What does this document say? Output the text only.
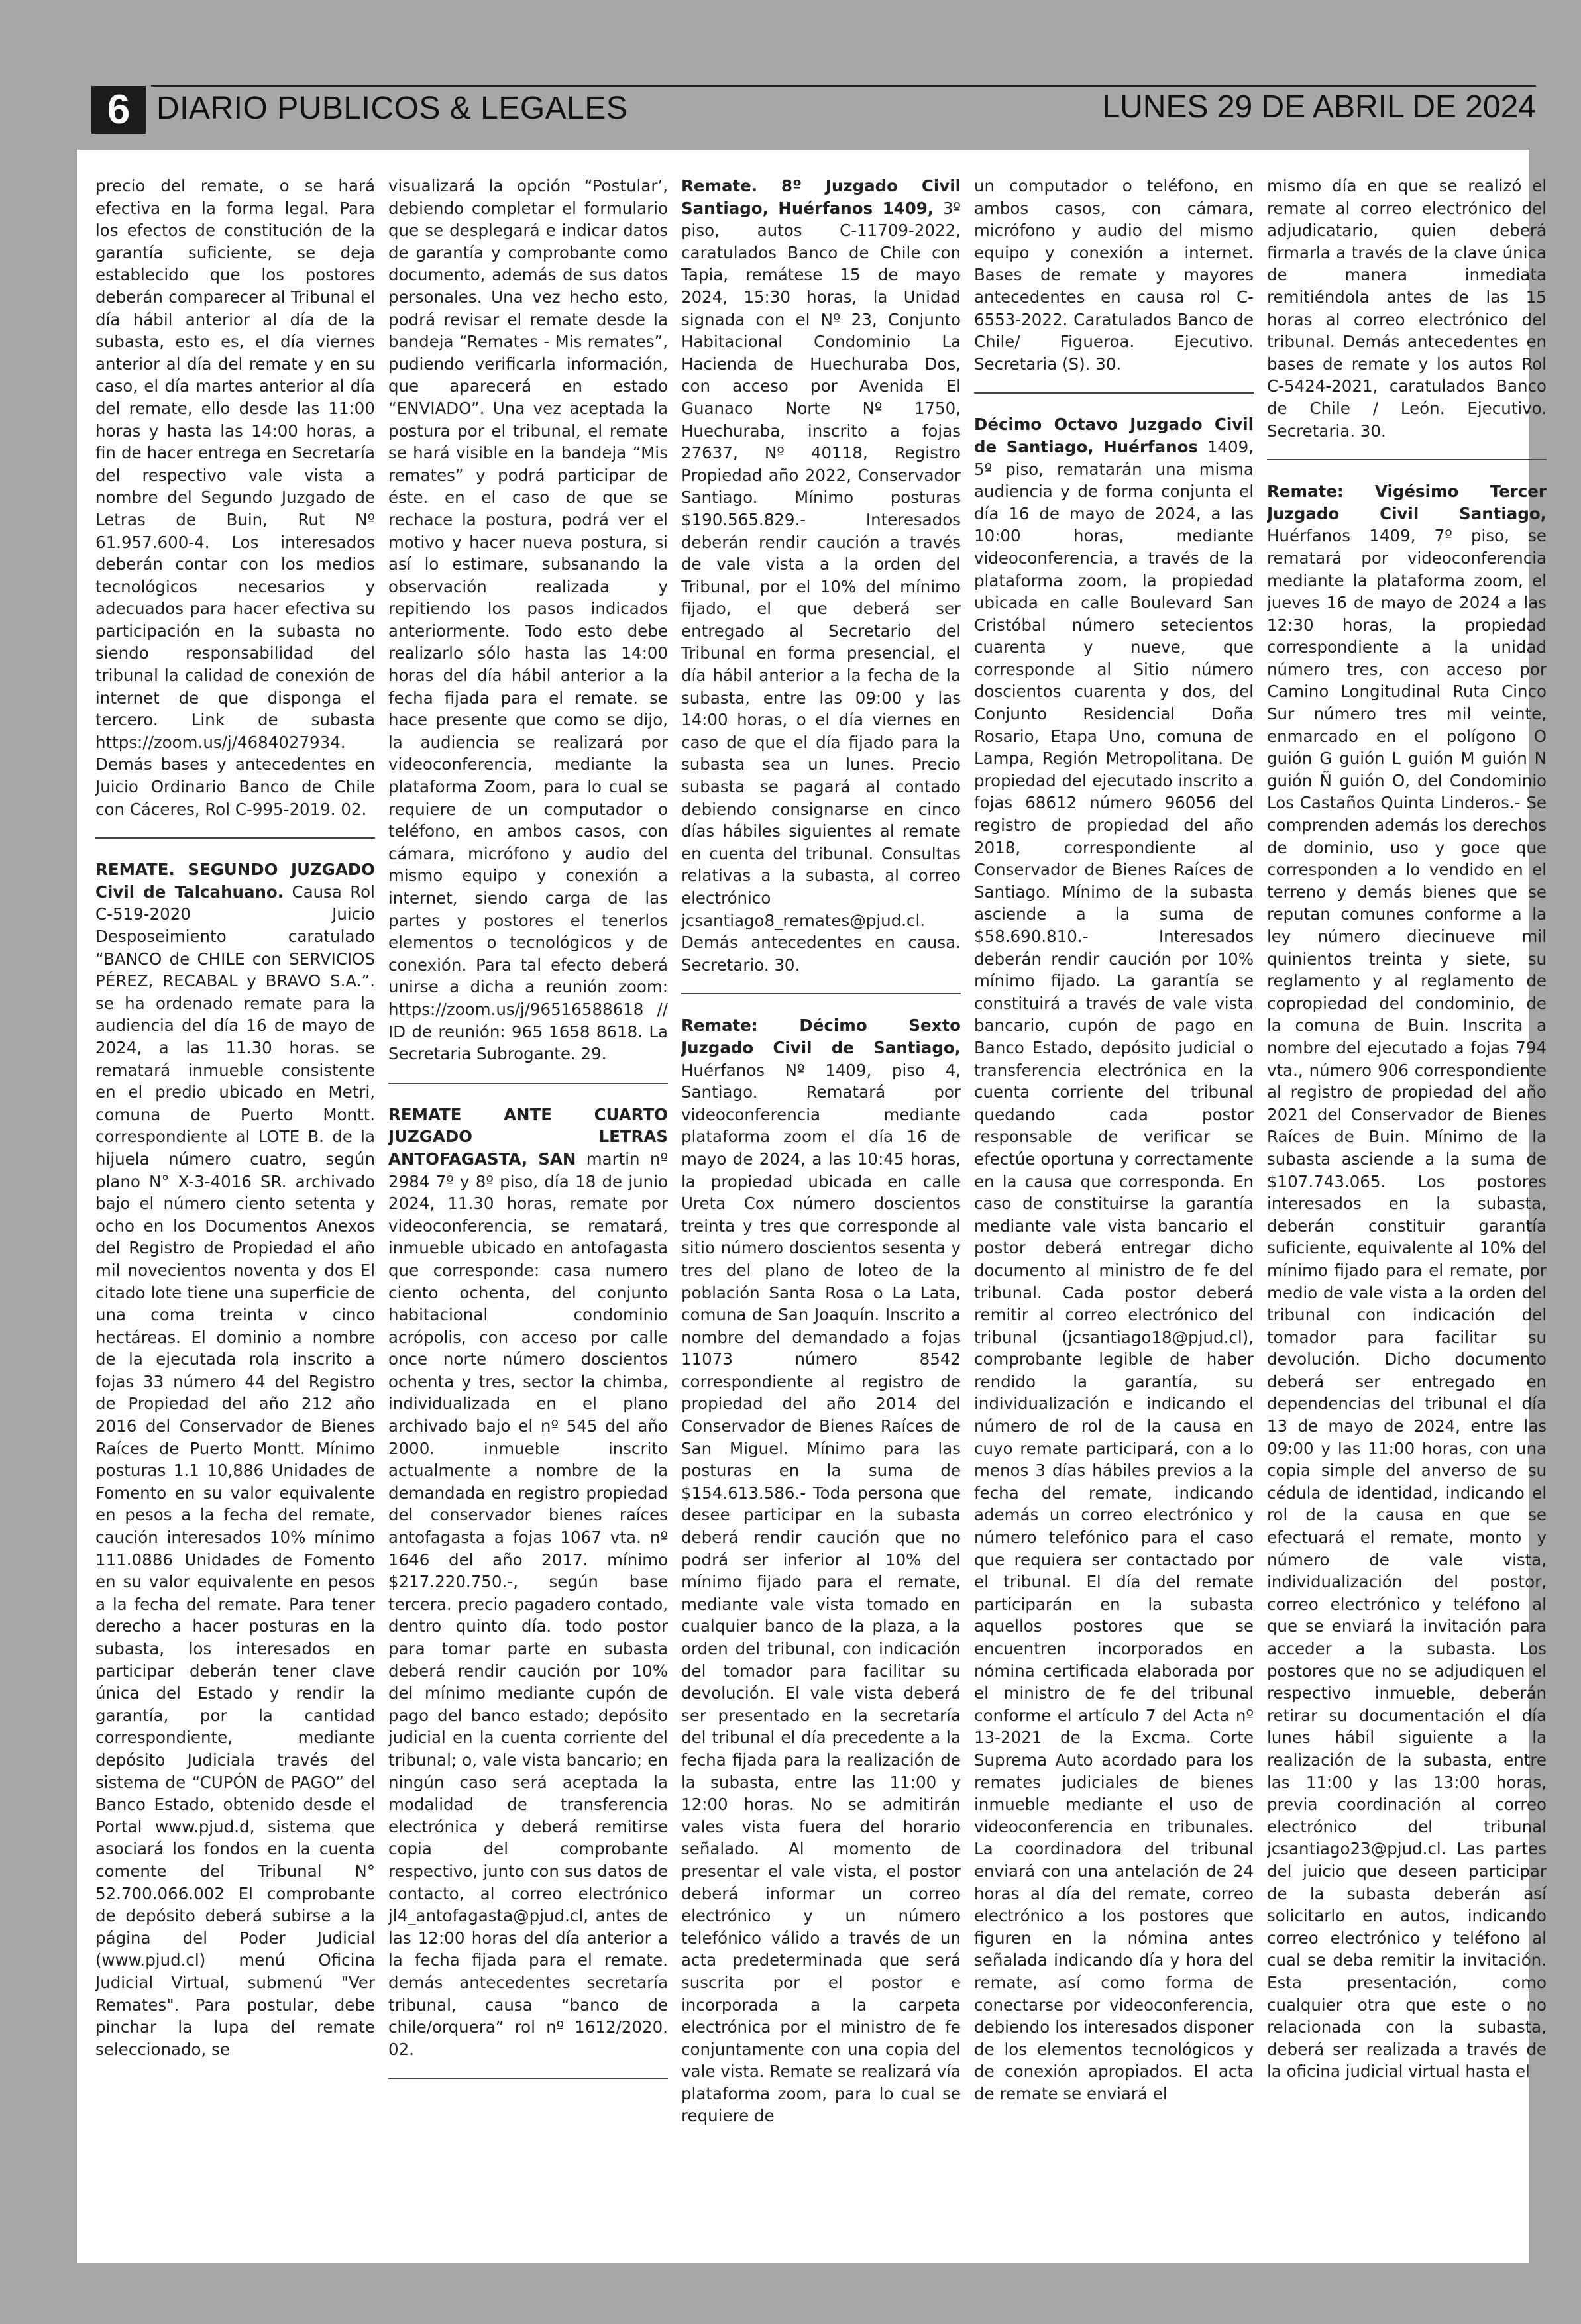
6 DIARIO PUBLICOS & LEGALES	LUNES 29 DE ABRIL DE 2024

precio del remate, o se hará efectiva en la forma legal. Para los efectos de constitución de la garantía suficiente, se deja establecido que los postores deberán comparecer al Tribunal el día hábil anterior al día de la subasta, esto es, el día viernes anterior al día del remate y en su caso, el día martes anterior al día del remate, ello desde las 11:00 horas y hasta las 14:00 horas, a fin de hacer entrega en Secretaría del respectivo vale vista a nombre del Segundo Juzgado de Letras de Buin, Rut Nº 61.957.600-4. Los interesados deberán contar con los medios tecnológicos necesarios y adecuados para hacer efectiva su participación en la subasta no siendo responsabilidad del tribunal la calidad de conexión de internet de que disponga el tercero. Link de subasta https://zoom.us/j/4684027934. Demás bases y antecedentes en Juicio Ordinario Banco de Chile con Cáceres, Rol C-995-2019. 02.

REMATE. SEGUNDO JUZGADO Civil de Talcahuano. Causa Rol C-519-2020 Juicio Desposeimiento caratulado “BANCO de CHILE con SERVICIOS PÉREZ, RECABAL y BRAVO S.A.”. se ha ordenado remate para la audiencia del día 16 de mayo de 2024, a las 11.30 horas. se rematará inmueble consistente en el predio ubicado en Metri, comuna de Puerto Montt. correspondiente al LOTE B. de la hijuela número cuatro, según plano N° X-3-4016 SR. archivado bajo el número ciento setenta y ocho en los Documentos Anexos del Registro de Propiedad el año mil novecientos noventa y dos El citado lote tiene una superficie de una coma treinta v cinco hectáreas. El dominio a nombre de la ejecutada rola inscrito a fojas 33 número 44 del Registro de Propiedad del año 212 año 2016 del Conservador de Bienes Raíces de Puerto Montt. Mínimo posturas 1.1 10,886 Unidades de Fomento en su valor equivalente en pesos a la fecha del remate, caución interesados 10% mínimo 111.0886 Unidades de Fomento en su valor equivalente en pesos a la fecha del remate. Para tener derecho a hacer posturas en la subasta, los interesados en participar deberán tener clave única del Estado y rendir la garantía, por la cantidad correspondiente, mediante depósito Judiciala través del sistema de “CUPÓN de PAGO” del Banco Estado, obtenido desde el Portal www.pjud.d, sistema que asociará los fondos en la cuenta comente del Tribunal N° 52.700.066.002 El comprobante de depósito deberá subirse a la página del Poder Judicial (www.pjud.cl) menú Oficina Judicial Virtual, submenú "Ver Remates". Para postular, debe pinchar la lupa del remate seleccionado, se

visualizará la opción “Postular’, debiendo completar el formulario que se desplegará e indicar datos de garantía y comprobante como documento, además de sus datos personales. Una vez hecho esto, podrá revisar el remate desde la bandeja “Remates - Mis remates”, pudiendo verificarla información, que aparecerá en estado “ENVIADO”. Una vez aceptada la postura por el tribunal, el remate se hará visible en la bandeja “Mis remates” y podrá participar de éste. en el caso de que se rechace la postura, podrá ver el motivo y hacer nueva postura, si así lo estimare, subsanando la observación realizada y repitiendo los pasos indicados anteriormente. Todo esto debe realizarlo sólo hasta las 14:00 horas del día hábil anterior a la fecha fijada para el remate. se hace presente que como se dijo, la audiencia se realizará por videoconferencia, mediante la plataforma Zoom, para lo cual se requiere de un computador o teléfono, en ambos casos, con cámara, micrófono y audio del mismo equipo y conexión a internet, siendo carga de las partes y postores el tenerlos elementos o tecnológicos y de conexión. Para tal efecto deberá unirse a dicha a reunión zoom: https://zoom.us/j/96516588618 // ID de reunión: 965 1658 8618. La Secretaria Subrogante. 29.

REMATE ANTE CUARTO JUZGADO LETRAS ANTOFAGASTA, SAN martin nº 2984 7º y 8º piso, día 18 de junio 2024, 11.30 horas, remate por videoconferencia, se rematará, inmueble ubicado en antofagasta que corresponde: casa numero ciento ochenta, del conjunto habitacional condominio acrópolis, con acceso por calle once norte número doscientos ochenta y tres, sector la chimba, individualizada en el plano archivado bajo el nº 545 del año 2000. inmueble inscrito actualmente a nombre de la demandada en registro propiedad del conservador bienes raíces antofagasta a fojas 1067 vta. nº 1646 del año 2017. mínimo $217.220.750.-, según base tercera. precio pagadero contado, dentro quinto día. todo postor para tomar parte en subasta deberá rendir caución por 10% del mínimo mediante cupón de pago del banco estado; depósito judicial en la cuenta corriente del tribunal; o, vale vista bancario; en ningún caso será aceptada la modalidad de transferencia electrónica y deberá remitirse copia del comprobante respectivo, junto con sus datos de contacto, al correo electrónico jl4_antofagasta@pjud.cl, antes de las 12:00 horas del día anterior a la fecha fijada para el remate. demás antecedentes secretaría tribunal, causa “banco de chile/orquera” rol nº 1612/2020. 02.

Remate. 8º Juzgado Civil Santiago, Huérfanos 1409, 3º piso, autos C-11709-2022, caratulados Banco de Chile con Tapia, remátese 15 de mayo 2024, 15:30 horas, la Unidad signada con el Nº 23, Conjunto Habitacional Condominio La Hacienda de Huechuraba Dos, con acceso por Avenida El Guanaco Norte Nº 1750, Huechuraba, inscrito a fojas 27637, Nº 40118, Registro Propiedad año 2022, Conservador Santiago. Mínimo posturas $190.565.829.- Interesados deberán rendir caución a través de vale vista a la orden del Tribunal, por el 10% del mínimo fijado, el que deberá ser entregado al Secretario del Tribunal en forma presencial, el día hábil anterior a la fecha de la subasta, entre las 09:00 y las 14:00 horas, o el día viernes en caso de que el día fijado para la subasta sea un lunes. Precio subasta se pagará al contado debiendo consignarse en cinco días hábiles siguientes al remate en cuenta del tribunal. Consultas relativas a la subasta, al correo electrónico jcsantiago8_remates@pjud.cl. Demás antecedentes en causa. Secretario. 30.

Remate: Décimo Sexto Juzgado Civil de Santiago, Huérfanos Nº 1409, piso 4, Santiago. Rematará por videoconferencia mediante plataforma zoom el día 16 de mayo de 2024, a las 10:45 horas, la propiedad ubicada en calle Ureta Cox número doscientos treinta y tres que corresponde al sitio número doscientos sesenta y tres del plano de loteo de la población Santa Rosa o La Lata, comuna de San Joaquín. Inscrito a nombre del demandado a fojas 11073 número 8542 correspondiente al registro de propiedad del año 2014 del Conservador de Bienes Raíces de San Miguel. Mínimo para las posturas en la suma de $154.613.586.- Toda persona que desee participar en la subasta deberá rendir caución que no podrá ser inferior al 10% del mínimo fijado para el remate, mediante vale vista tomado en cualquier banco de la plaza, a la orden del tribunal, con indicación del tomador para facilitar su devolución. El vale vista deberá ser presentado en la secretaría del tribunal el día precedente a la fecha fijada para la realización de la subasta, entre las 11:00 y 12:00 horas. No se admitirán vales vista fuera del horario señalado. Al momento de presentar el vale vista, el postor deberá informar un correo electrónico y un número telefónico válido a través de un acta predeterminada que será suscrita por el postor e incorporada a la carpeta electrónica por el ministro de fe conjuntamente con una copia del vale vista. Remate se realizará vía plataforma zoom, para lo cual se requiere de

un computador o teléfono, en ambos casos, con cámara, micrófono y audio del mismo equipo y conexión a internet. Bases de remate y mayores antecedentes en causa rol C-6553-2022. Caratulados Banco de Chile/ Figueroa. Ejecutivo. Secretaria (S). 30.

Décimo Octavo Juzgado Civil de Santiago, Huérfanos 1409, 5º piso, rematarán una misma audiencia y de forma conjunta el día 16 de mayo de 2024, a las 10:00 horas, mediante videoconferencia, a través de la plataforma zoom, la propiedad ubicada en calle Boulevard San Cristóbal número setecientos cuarenta y nueve, que corresponde al Sitio número doscientos cuarenta y dos, del Conjunto Residencial Doña Rosario, Etapa Uno, comuna de Lampa, Región Metropolitana. De propiedad del ejecutado inscrito a fojas 68612 número 96056 del registro de propiedad del año 2018, correspondiente al Conservador de Bienes Raíces de Santiago. Mínimo de la subasta asciende a la suma de $58.690.810.- Interesados deberán rendir caución por 10% mínimo fijado. La garantía se constituirá a través de vale vista bancario, cupón de pago en Banco Estado, depósito judicial o transferencia electrónica en la cuenta corriente del tribunal quedando cada postor responsable de verificar se efectúe oportuna y correctamente en la causa que corresponda. En caso de constituirse la garantía mediante vale vista bancario el postor deberá entregar dicho documento al ministro de fe del tribunal. Cada postor deberá remitir al correo electrónico del tribunal (jcsantiago18@pjud.cl), comprobante legible de haber rendido la garantía, su individualización e indicando el número de rol de la causa en cuyo remate participará, con a lo menos 3 días hábiles previos a la fecha del remate, indicando además un correo electrónico y número telefónico para el caso que requiera ser contactado por el tribunal. El día del remate participarán en la subasta aquellos postores que se encuentren incorporados en nómina certificada elaborada por el ministro de fe del tribunal conforme el artículo 7 del Acta nº 13-2021 de la Excma. Corte Suprema Auto acordado para los remates judiciales de bienes inmueble mediante el uso de videoconferencia en tribunales. La coordinadora del tribunal enviará con una antelación de 24 horas al día del remate, correo electrónico a los postores que figuren en la nómina antes señalada indicando día y hora del remate, así como forma de conectarse por videoconferencia, debiendo los interesados disponer de los elementos tecnológicos y de conexión apropiados. El acta de remate se enviará el

mismo día en que se realizó el remate al correo electrónico del adjudicatario, quien deberá firmarla a través de la clave única de manera inmediata remitiéndola antes de las 15 horas al correo electrónico del tribunal. Demás antecedentes en bases de remate y los autos Rol C-5424-2021, caratulados Banco de Chile / León. Ejecutivo. Secretaria. 30.

Remate: Vigésimo Tercer Juzgado Civil Santiago, Huérfanos 1409, 7º piso, se rematará por videoconferencia mediante la plataforma zoom, el jueves 16 de mayo de 2024 a las 12:30 horas, la propiedad correspondiente a la unidad número tres, con acceso por Camino Longitudinal Ruta Cinco Sur número tres mil veinte, enmarcado en el polígono O guión G guión L guión M guión N guión Ñ guión O, del Condominio Los Castaños Quinta Linderos.- Se comprenden además los derechos de dominio, uso y goce que corresponden a lo vendido en el terreno y demás bienes que se reputan comunes conforme a la ley número diecinueve mil quinientos treinta y siete, su reglamento y al reglamento de copropiedad del condominio, de la comuna de Buin. Inscrita a nombre del ejecutado a fojas 794 vta., número 906 correspondiente al registro de propiedad del año 2021 del Conservador de Bienes Raíces de Buin. Mínimo de la subasta asciende a la suma de $107.743.065. Los postores interesados en la subasta, deberán constituir garantía suficiente, equivalente al 10% del mínimo fijado para el remate, por medio de vale vista a la orden del tribunal con indicación del tomador para facilitar su devolución. Dicho documento deberá ser entregado en dependencias del tribunal el día 13 de mayo de 2024, entre las 09:00 y las 11:00 horas, con una copia simple del anverso de su cédula de identidad, indicando el rol de la causa en que se efectuará el remate, monto y número de vale vista, individualización del postor, correo electrónico y teléfono al que se enviará la invitación para acceder a la subasta. Los postores que no se adjudiquen el respectivo inmueble, deberán retirar su documentación el día lunes hábil siguiente a la realización de la subasta, entre las 11:00 y las 13:00 horas, previa coordinación al correo electrónico del tribunal jcsantiago23@pjud.cl. Las partes del juicio que deseen participar de la subasta deberán así solicitarlo en autos, indicando correo electrónico y teléfono al cual se deba remitir la invitación. Esta presentación, como cualquier otra que este o no relacionada con la subasta, deberá ser realizada a través de la oficina judicial virtual hasta el
